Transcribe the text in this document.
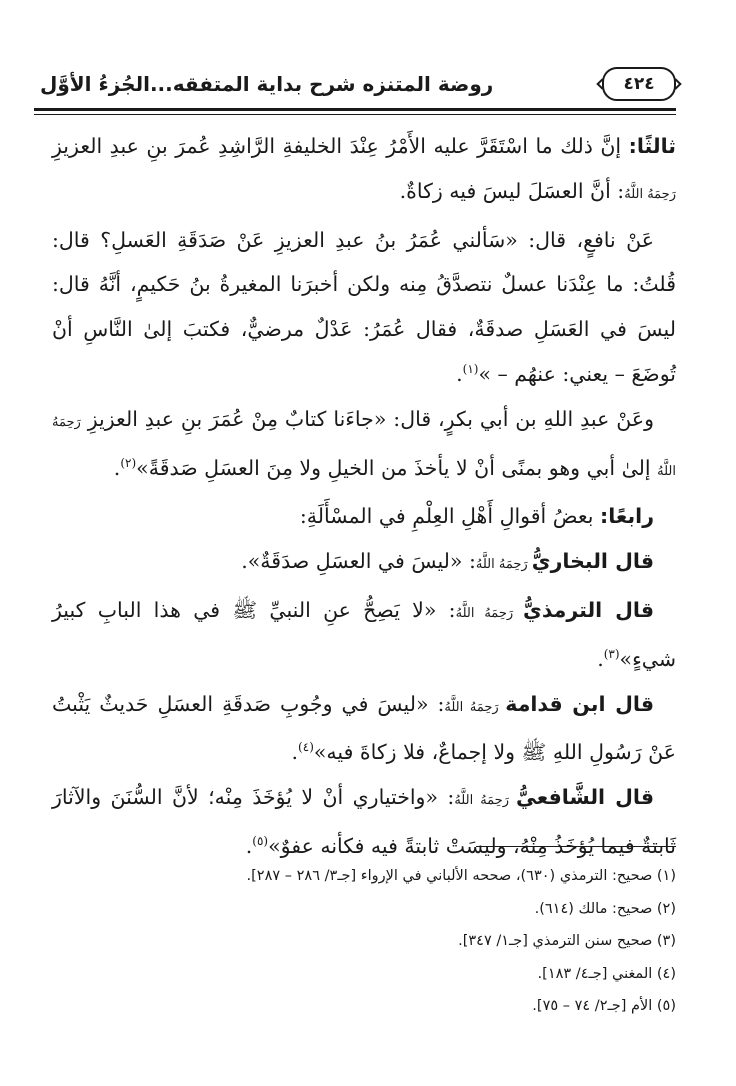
٤٢٤
روضة المتنزه شرح بداية المتفقه...الجُزءُ الأوَّل

ثالثًا: إنَّ ذلك ما اسْتَقَرَّ عليه الأَمْرُ عِنْدَ الخليفةِ الرَّاشِدِ عُمرَ بنِ عبدِ العزيزِ رَحِمَهُ اللَّهُ: أنَّ العسَلَ ليسَ فيه زكاةٌ.

عَنْ نافعٍ، قال: «سَألني عُمَرُ بنُ عبدِ العزيزِ عَنْ صَدَقَةِ العَسلِ؟ قال: قُلتُ: ما عِنْدَنا عسلٌ نتصدَّقُ مِنه ولكن أخبرَنا المغيرةُ بنُ حَكيمٍ، أنَّهُ قال: ليسَ في العَسَلِ صدقَةٌ، فقال عُمَرُ: عَدْلٌ مرضيٌّ، فكتبَ إلىٰ النَّاسِ أنْ تُوضَعَ – يعني: عنهُم – »$^{(١)}$.

وعَنْ عبدِ اللهِ بن أبي بكرٍ، قال: «جاءَنا كتابٌ مِنْ عُمَرَ بنِ عبدِ العزيزِ رَحِمَهُ اللَّهُ إلىٰ أبي وهو بمنًى أنْ لا يأخذَ من الخيلِ ولا مِنَ العسَلِ صَدقَةً»$^{(٢)}$.

رابعًا: بعضُ أقوالِ أَهْلِ العِلْمِ في المسْأَلَةِ:

قال البخاريُّ رَحِمَهُ اللَّهُ: «ليسَ في العسَلِ صدَقَةٌ».

قال الترمذيُّ رَحِمَهُ اللَّهُ: «لا يَصِحُّ عنِ النبيِّ ﷺ في هذا البابِ كبيرُ شيءٍ»$^{(٣)}$.

قال ابن قدامة رَحِمَهُ اللَّهُ: «ليسَ في وجُوبِ صَدقَةِ العسَلِ حَديثٌ يَثْبتُ عَنْ رَسُولِ اللهِ ﷺ ولا إجماعٌ، فلا زكاةَ فيه»$^{(٤)}$.

قال الشَّافعيُّ رَحِمَهُ اللَّهُ: «واختياري أنْ لا يُؤخَذَ مِنْه؛ لأنَّ السُّنَنَ والآثارَ ثَابتةٌ فيما يُؤخَذُ مِنْهُ، وليسَتْ ثابتةً فيه فكأنه عفوٌ»$^{(٥)}$.

(١) صحيح: الترمذي (٦٣٠)، صححه الألباني في الإرواء [جـ٣/ ٢٨٦ – ٢٨٧].

(٢) صحيح: مالك (٦١٤).

(٣) صحيح سنن الترمذي [جـ١/ ٣٤٧].

(٤) المغني [جـ٤/ ١٨٣].

(٥) الأم [جـ٢/ ٧٤ – ٧٥].
